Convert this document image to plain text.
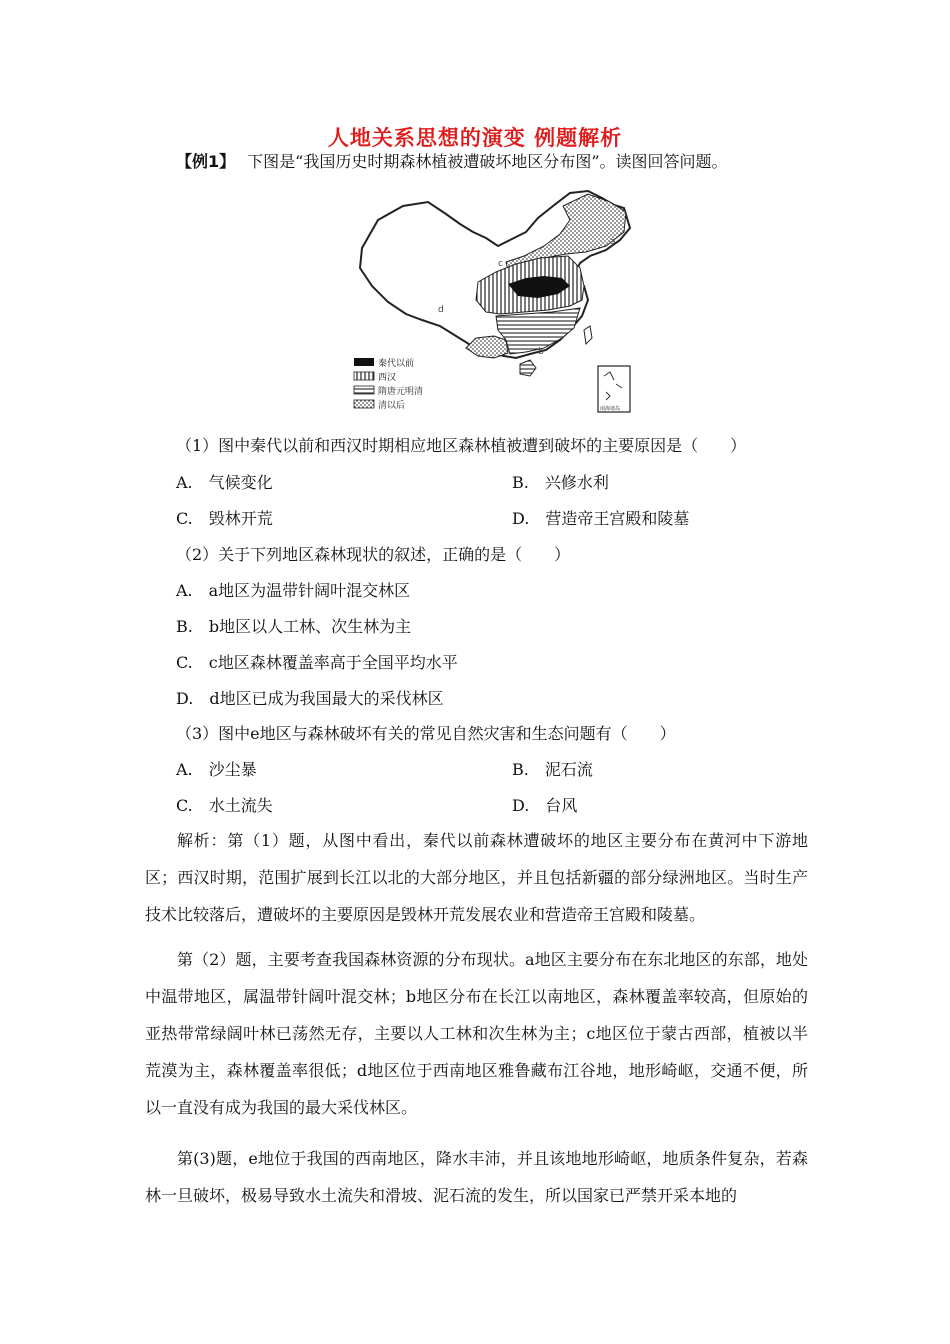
人地关系思想的演变 例题解析
【例1】 下图是“我国历史时期森林植被遭破坏地区分布图”。读图回答问题。
c
a
d
b
秦代以前
西汉
隋唐元明清
清以后	南海诸岛
（1）图中秦代以前和西汉时期相应地区森林植被遭到破坏的主要原因是（　　）
A.　气候变化	B.　兴修水利
C.　毁林开荒	D.　营造帝王宫殿和陵墓
（2）关于下列地区森林现状的叙述，正确的是（　　）
A.　a地区为温带针阔叶混交林区
B.　b地区以人工林、次生林为主
C.　c地区森林覆盖率高于全国平均水平
D.　d地区已成为我国最大的采伐林区
（3）图中e地区与森林破坏有关的常见自然灾害和生态问题有（　　）
A.　沙尘暴	B.　泥石流
C.　水土流失	D.　台风
解析：第（1）题，从图中看出，秦代以前森林遭破坏的地区主要分布在黄河中下游地区；西汉时期，范围扩展到长江以北的大部分地区，并且包括新疆的部分绿洲地区。当时生产技术比较落后，遭破坏的主要原因是毁林开荒发展农业和营造帝王宫殿和陵墓。
第（2）题，主要考查我国森林资源的分布现状。a地区主要分布在东北地区的东部，地处中温带地区，属温带针阔叶混交林；b地区分布在长江以南地区，森林覆盖率较高，但原始的亚热带常绿阔叶林已荡然无存，主要以人工林和次生林为主；c地区位于蒙古西部，植被以半荒漠为主，森林覆盖率很低；d地区位于西南地区雅鲁藏布江谷地，地形崎岖，交通不便，所以一直没有成为我国的最大采伐林区。
第(3)题，e地位于我国的西南地区，降水丰沛，并且该地地形崎岖，地质条件复杂，若森林一旦破坏，极易导致水土流失和滑坡、泥石流的发生，所以国家已严禁开采本地的
